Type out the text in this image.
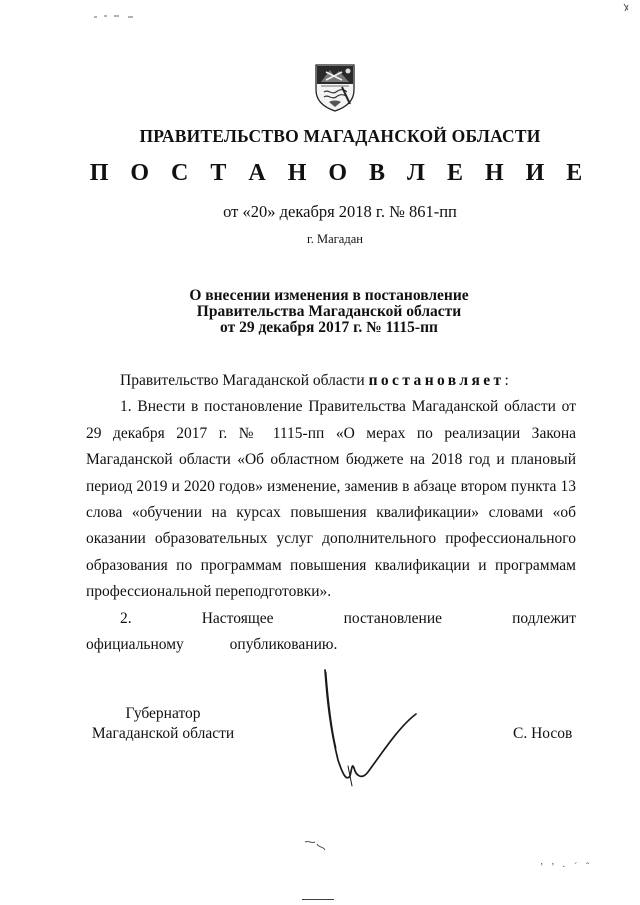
ПРАВИТЕЛЬСТВО МАГАДАНСКОЙ ОБЛАСТИ
П О С Т А Н О В Л Е Н И Е
от «20» декабря 2018 г. № 861-пп
г. Магадан
О внесении изменения в постановление
Правительства Магаданской области
от 29 декабря 2017 г. № 1115-пп

Правительство Магаданской области постановляет:

1. Внести в постановление Правительства Магаданской области от 29 декабря 2017 г. № 1115-пп «О мерах по реализации Закона Магаданской области «Об областном бюджете на 2018 год и плановый период 2019 и 2020 годов» изменение, заменив в абзаце втором пункта 13 слова «обучении на курсах повышения квалификации» словами «об оказании образовательных услуг дополнительного профессионального образования по программам повышения квалификации и программам профессиональной переподготовки».

2. Настоящее постановление подлежит официальному опубликованию.

Губернатор
Магаданской области	С. Носов
’ ’ · ´ ˆ
